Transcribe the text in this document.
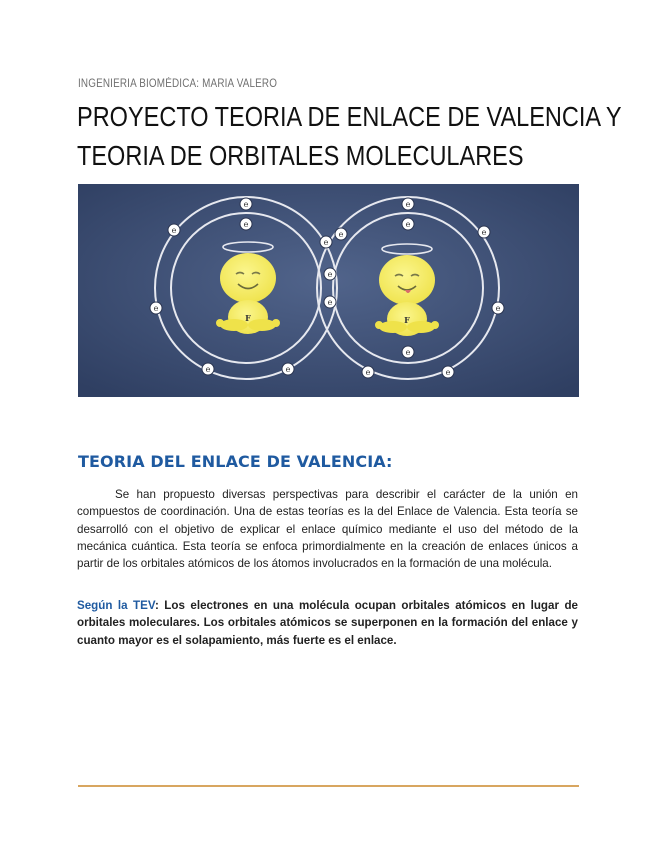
INGENIERIA BIOMÉDICA: MARIA VALERO
PROYECTO TEORIA DE ENLACE DE VALENCIA Y
TEORIA DE ORBITALES MOLECULARES
F	F
e
e
e
e
e	e
e
e
e
e
e
e
e
e
e
e
e
TEORIA DEL ENLACE DE VALENCIA:

Se han propuesto diversas perspectivas para describir el carácter de la unión en compuestos de coordinación. Una de estas teorías es la del Enlace de Valencia. Esta teoría se desarrolló con el objetivo de explicar el enlace químico mediante el uso del método de la mecánica cuántica. Esta teoría se enfoca primordialmente en la creación de enlaces únicos a partir de los orbitales atómicos de los átomos involucrados en la formación de una molécula.

Según la TEV: Los electrones en una molécula ocupan orbitales atómicos en lugar de orbitales moleculares. Los orbitales atómicos se superponen en la formación del enlace y cuanto mayor es el solapamiento, más fuerte es el enlace.
